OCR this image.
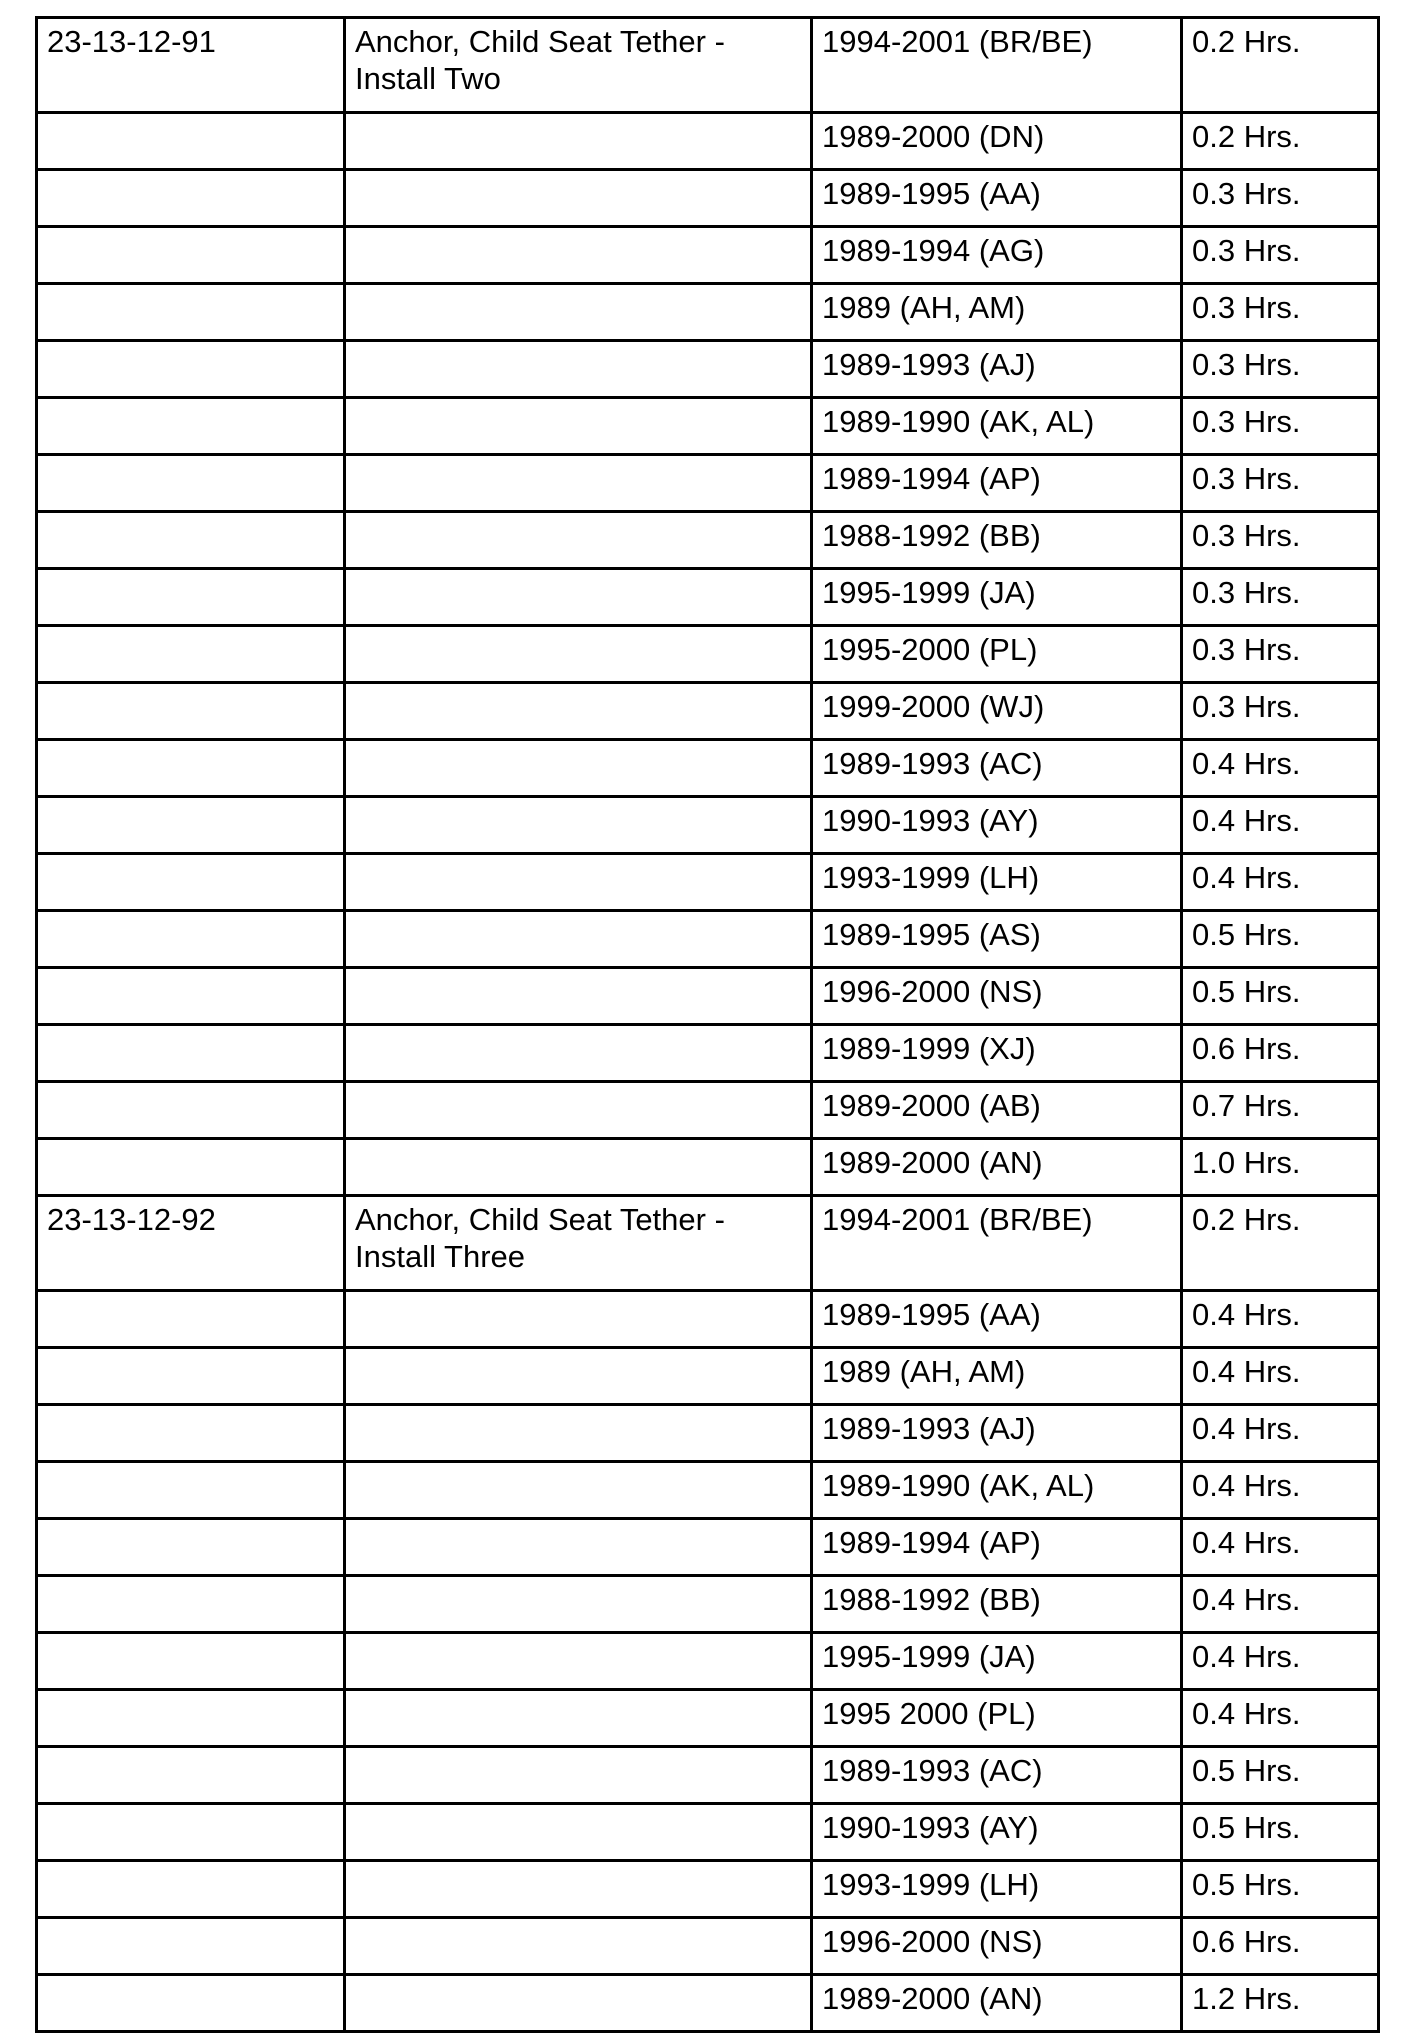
23-13-12-91	Anchor, Child Seat Tether - Install Two	1994-2001 (BR/BE)	0.2 Hrs.
		1989-2000 (DN)	0.2 Hrs.
		1989-1995 (AA)	0.3 Hrs.
		1989-1994 (AG)	0.3 Hrs.
		1989 (AH, AM)	0.3 Hrs.
		1989-1993 (AJ)	0.3 Hrs.
		1989-1990 (AK, AL)	0.3 Hrs.
		1989-1994 (AP)	0.3 Hrs.
		1988-1992 (BB)	0.3 Hrs.
		1995-1999 (JA)	0.3 Hrs.
		1995-2000 (PL)	0.3 Hrs.
		1999-2000 (WJ)	0.3 Hrs.
		1989-1993 (AC)	0.4 Hrs.
		1990-1993 (AY)	0.4 Hrs.
		1993-1999 (LH)	0.4 Hrs.
		1989-1995 (AS)	0.5 Hrs.
		1996-2000 (NS)	0.5 Hrs.
		1989-1999 (XJ)	0.6 Hrs.
		1989-2000 (AB)	0.7 Hrs.
		1989-2000 (AN)	1.0 Hrs.
23-13-12-92	Anchor, Child Seat Tether - Install Three	1994-2001 (BR/BE)	0.2 Hrs.
		1989-1995 (AA)	0.4 Hrs.
		1989 (AH, AM)	0.4 Hrs.
		1989-1993 (AJ)	0.4 Hrs.
		1989-1990 (AK, AL)	0.4 Hrs.
		1989-1994 (AP)	0.4 Hrs.
		1988-1992 (BB)	0.4 Hrs.
		1995-1999 (JA)	0.4 Hrs.
		1995 2000 (PL)	0.4 Hrs.
		1989-1993 (AC)	0.5 Hrs.
		1990-1993 (AY)	0.5 Hrs.
		1993-1999 (LH)	0.5 Hrs.
		1996-2000 (NS)	0.6 Hrs.
		1989-2000 (AN)	1.2 Hrs.
